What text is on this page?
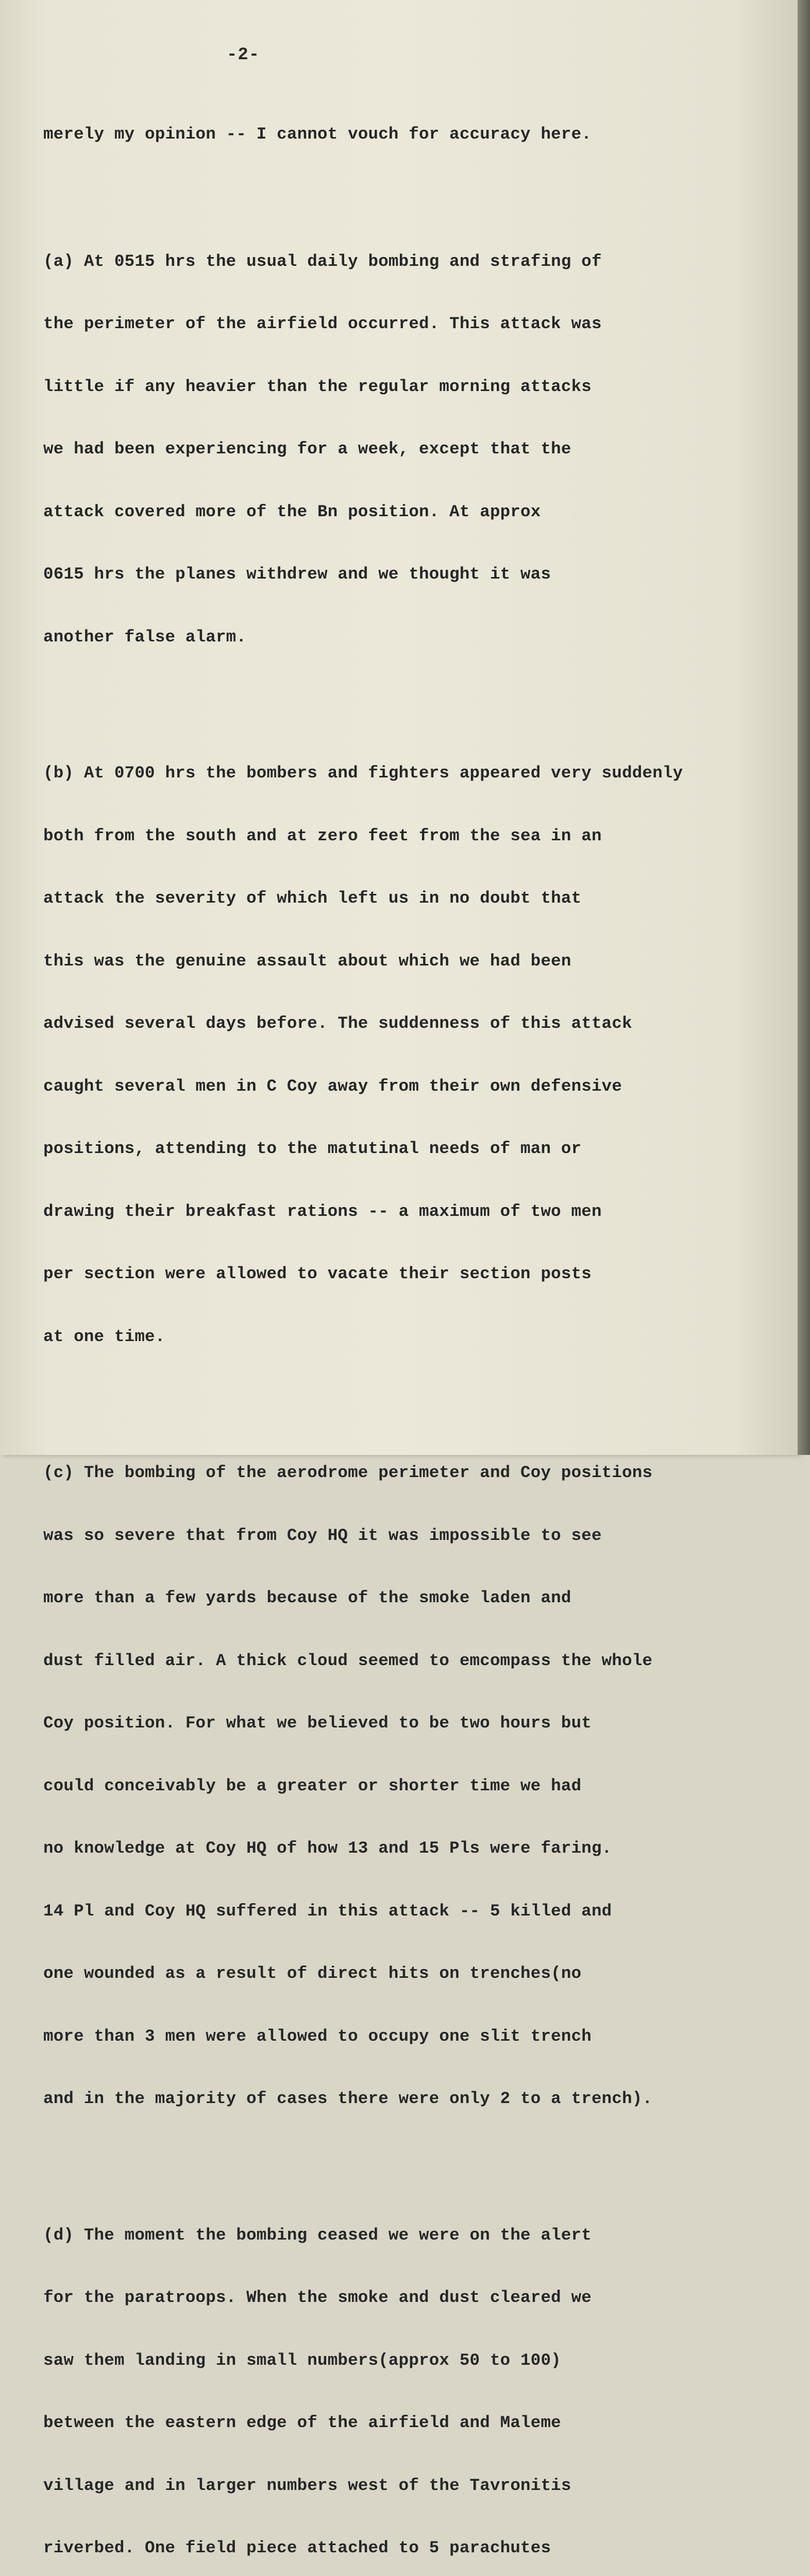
-2-

merely my opinion -- I cannot vouch for accuracy here.

(a) At 0515 hrs the usual daily bombing and strafing of

the perimeter of the airfield occurred. This attack was

little if any heavier than the regular morning attacks

we had been experiencing for a week, except that the

attack covered more of the Bn position. At approx

0615 hrs the planes withdrew and we thought it was

another false alarm.

(b) At 0700 hrs the bombers and fighters appeared very suddenly

both from the south and at zero feet from the sea in an

attack the severity of which left us in no doubt that

this was the genuine assault about which we had been

advised several days before. The suddenness of this attack

caught several men in C Coy away from their own defensive

positions, attending to the matutinal needs of man or

drawing their breakfast rations -- a maximum of two men

per section were allowed to vacate their section posts

at one time.

(c) The bombing of the aerodrome perimeter and Coy positions

was so severe that from Coy HQ it was impossible to see

more than a few yards because of the smoke laden and

dust filled air. A thick cloud seemed to emcompass the whole

Coy position. For what we believed to be two hours but

could conceivably be a greater or shorter time we had

no knowledge at Coy HQ of how 13 and 15 Pls were faring.

14 Pl and Coy HQ suffered in this attack -- 5 killed and

one wounded as a result of direct hits on trenches(no

more than 3 men were allowed to occupy one slit trench

and in the majority of cases there were only 2 to a trench).

(d) The moment the bombing ceased we were on the alert

for the paratroops. When the smoke and dust cleared we

saw them landing in small numbers(approx 50 to 100)

between the eastern edge of the airfield and Maleme

village and in larger numbers west of the Tavronitis

riverbed. One field piece attached to 5 parachutes
